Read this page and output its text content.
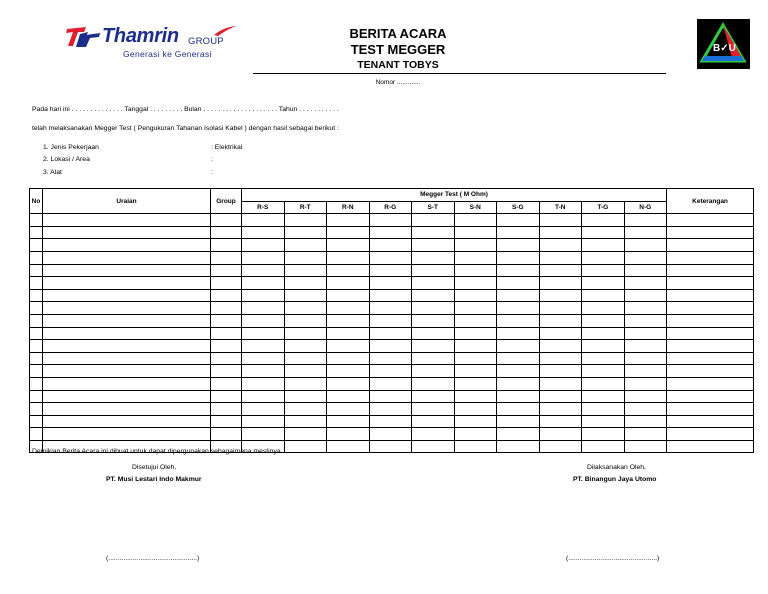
Thamrin GROUP
Generasi ke Generasi
BERITA ACARA
TEST MEGGER
TENANT TOBYS
B✓U
Nomor .............
Pada hari ini . . . . . . . . . . . . . . Tanggal . . . . . . . . . Bulan . . . . . . . . . . . . . . . . . . . . Tahun . . . . . . . . . . .
telah melaksanakan Megger Test ( Pengukuran Tahanan Isolasi Kabel ) dengan hasil sebagai berikut :
1. Jenis Pekerjaan	: Elektrikal
2. Lokasi / Area	:
3. Alat	:
No	Uraian	Group	Megger Test ( M Ohm)										Keterangan
			R-S	R-T	R-N	R-G	S-T	S-N	S-G	T-N	T-G	N-G	

Demikian Berita Acara ini dibuat untuk dapat dipergunakan sebagaimana mestinya
Disetujui Oleh,
PT. Musi Lestari Indo Makmur
Dilaksanakan Oleh,
PT. Binangun Jaya Utomo
(...............................................)	(...............................................)
